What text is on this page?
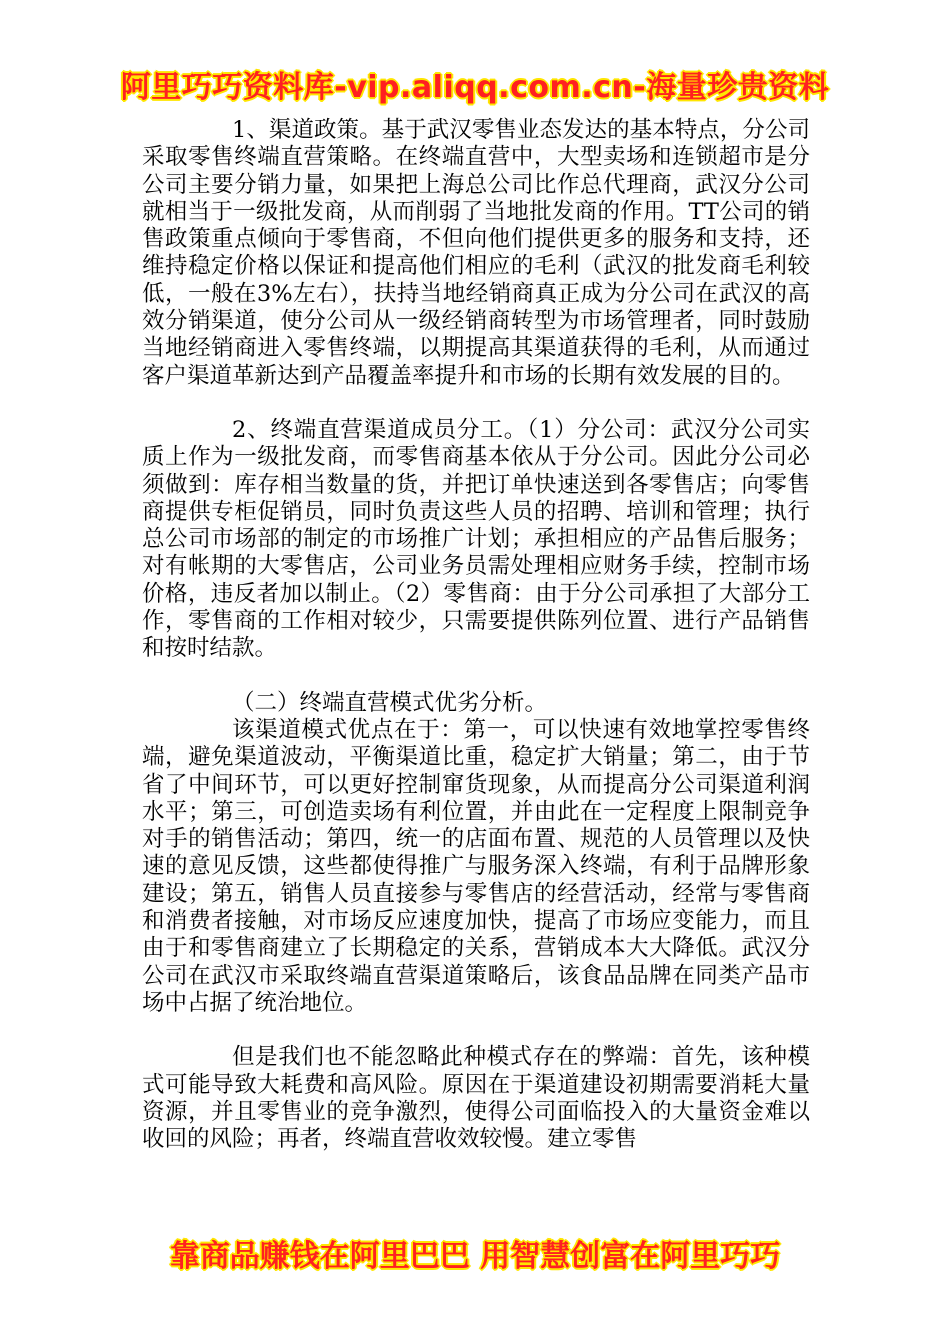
阿里巧巧资料库-vip.aliqq.com.cn-海量珍贵资料

1、渠道政策。基于武汉零售业态发达的基本特点，分公司采取零售终端直营策略。在终端直营中，大型卖场和连锁超市是分公司主要分销力量，如果把上海总公司比作总代理商，武汉分公司就相当于一级批发商，从而削弱了当地批发商的作用。TT公司的销售政策重点倾向于零售商，不但向他们提供更多的服务和支持，还维持稳定价格以保证和提高他们相应的毛利（武汉的批发商毛利较低，一般在3%左右），扶持当地经销商真正成为分公司在武汉的高效分销渠道，使分公司从一级经销商转型为市场管理者，同时鼓励当地经销商进入零售终端，以期提高其渠道获得的毛利，从而通过客户渠道革新达到产品覆盖率提升和市场的长期有效发展的目的。

2、终端直营渠道成员分工。（1）分公司：武汉分公司实质上作为一级批发商，而零售商基本依从于分公司。因此分公司必须做到：库存相当数量的货，并把订单快速送到各零售店；向零售商提供专柜促销员，同时负责这些人员的招聘、培训和管理；执行总公司市场部的制定的市场推广计划；承担相应的产品售后服务；对有帐期的大零售店，公司业务员需处理相应财务手续，控制市场价格，违反者加以制止。（2）零售商：由于分公司承担了大部分工作，零售商的工作相对较少，只需要提供陈列位置、进行产品销售和按时结款。

（二）终端直营模式优劣分析。

该渠道模式优点在于：第一，可以快速有效地掌控零售终端，避免渠道波动，平衡渠道比重，稳定扩大销量；第二，由于节省了中间环节，可以更好控制窜货现象，从而提高分公司渠道利润水平；第三，可创造卖场有利位置，并由此在一定程度上限制竞争对手的销售活动；第四，统一的店面布置、规范的人员管理以及快速的意见反馈，这些都使得推广与服务深入终端，有利于品牌形象建设；第五，销售人员直接参与零售店的经营活动，经常与零售商和消费者接触，对市场反应速度加快，提高了市场应变能力，而且由于和零售商建立了长期稳定的关系，营销成本大大降低。武汉分公司在武汉市采取终端直营渠道策略后，该食品品牌在同类产品市场中占据了统治地位。

但是我们也不能忽略此种模式存在的弊端：首先，该种模式可能导致大耗费和高风险。原因在于渠道建设初期需要消耗大量资源，并且零售业的竞争激烈，使得公司面临投入的大量资金难以收回的风险；再者，终端直营收效较慢。建立零售

靠商品赚钱在阿里巴巴 用智慧创富在阿里巧巧
